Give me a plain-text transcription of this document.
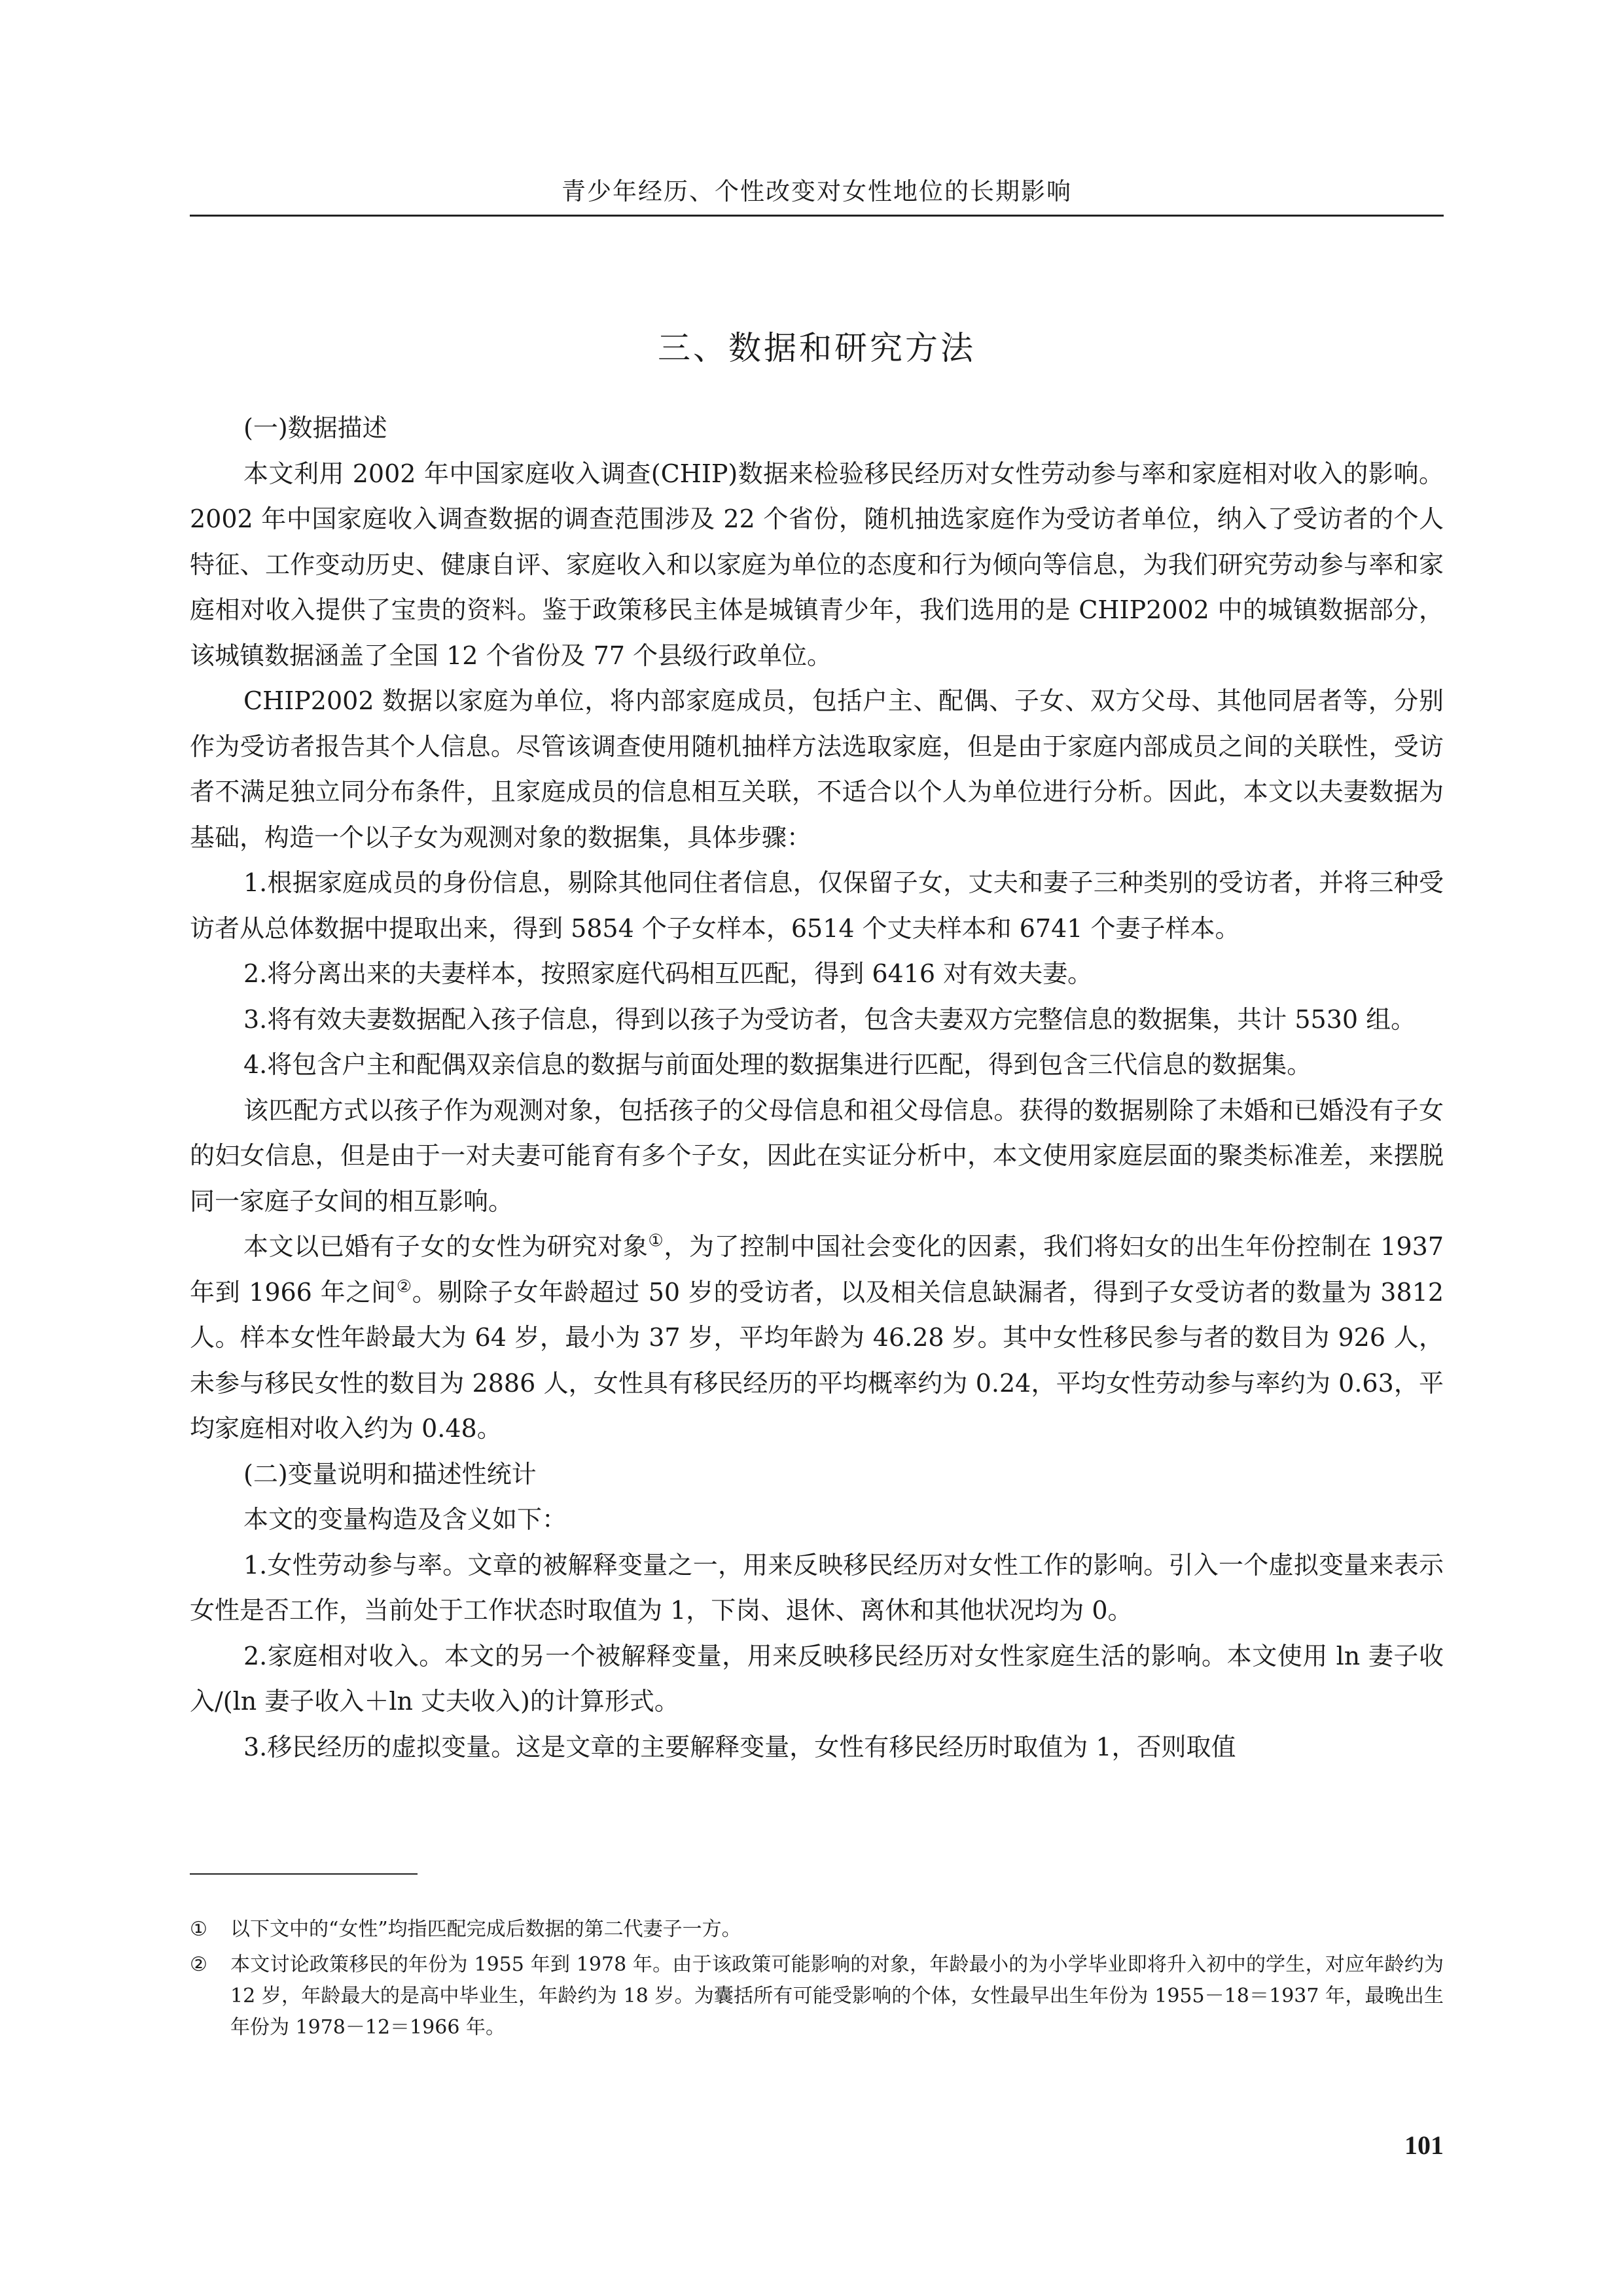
青少年经历、个性改变对女性地位的长期影响
三、数据和研究方法

(一)数据描述

本文利用 2002 年中国家庭收入调查(CHIP)数据来检验移民经历对女性劳动参与率和家庭相对收入的影响。2002 年中国家庭收入调查数据的调查范围涉及 22 个省份，随机抽选家庭作为受访者单位，纳入了受访者的个人特征、工作变动历史、健康自评、家庭收入和以家庭为单位的态度和行为倾向等信息，为我们研究劳动参与率和家庭相对收入提供了宝贵的资料。鉴于政策移民主体是城镇青少年，我们选用的是 CHIP2002 中的城镇数据部分，该城镇数据涵盖了全国 12 个省份及 77 个县级行政单位。

CHIP2002 数据以家庭为单位，将内部家庭成员，包括户主、配偶、子女、双方父母、其他同居者等，分别作为受访者报告其个人信息。尽管该调查使用随机抽样方法选取家庭，但是由于家庭内部成员之间的关联性，受访者不满足独立同分布条件，且家庭成员的信息相互关联，不适合以个人为单位进行分析。因此，本文以夫妻数据为基础，构造一个以子女为观测对象的数据集，具体步骤：

1.根据家庭成员的身份信息，剔除其他同住者信息，仅保留子女，丈夫和妻子三种类别的受访者，并将三种受访者从总体数据中提取出来，得到 5854 个子女样本，6514 个丈夫样本和 6741 个妻子样本。

2.将分离出来的夫妻样本，按照家庭代码相互匹配，得到 6416 对有效夫妻。

3.将有效夫妻数据配入孩子信息，得到以孩子为受访者，包含夫妻双方完整信息的数据集，共计 5530 组。

4.将包含户主和配偶双亲信息的数据与前面处理的数据集进行匹配，得到包含三代信息的数据集。

该匹配方式以孩子作为观测对象，包括孩子的父母信息和祖父母信息。获得的数据剔除了未婚和已婚没有子女的妇女信息，但是由于一对夫妻可能育有多个子女，因此在实证分析中，本文使用家庭层面的聚类标准差，来摆脱同一家庭子女间的相互影响。

本文以已婚有子女的女性为研究对象①，为了控制中国社会变化的因素，我们将妇女的出生年份控制在 1937 年到 1966 年之间②。剔除子女年龄超过 50 岁的受访者，以及相关信息缺漏者，得到子女受访者的数量为 3812 人。样本女性年龄最大为 64 岁，最小为 37 岁，平均年龄为 46.28 岁。其中女性移民参与者的数目为 926 人，未参与移民女性的数目为 2886 人，女性具有移民经历的平均概率约为 0.24，平均女性劳动参与率约为 0.63，平均家庭相对收入约为 0.48。

(二)变量说明和描述性统计

本文的变量构造及含义如下：

1.女性劳动参与率。文章的被解释变量之一，用来反映移民经历对女性工作的影响。引入一个虚拟变量来表示女性是否工作，当前处于工作状态时取值为 1，下岗、退休、离休和其他状况均为 0。

2.家庭相对收入。本文的另一个被解释变量，用来反映移民经历对女性家庭生活的影响。本文使用 ln 妻子收入/(ln 妻子收入＋ln 丈夫收入)的计算形式。

3.移民经历的虚拟变量。这是文章的主要解释变量，女性有移民经历时取值为 1，否则取值

①	以下文中的“女性”均指匹配完成后数据的第二代妻子一方。
②	本文讨论政策移民的年份为 1955 年到 1978 年。由于该政策可能影响的对象，年龄最小的为小学毕业即将升入初中的学生，对应年龄约为 12 岁，年龄最大的是高中毕业生，年龄约为 18 岁。为囊括所有可能受影响的个体，女性最早出生年份为 1955－18＝1937 年，最晚出生年份为 1978－12＝1966 年。
101
